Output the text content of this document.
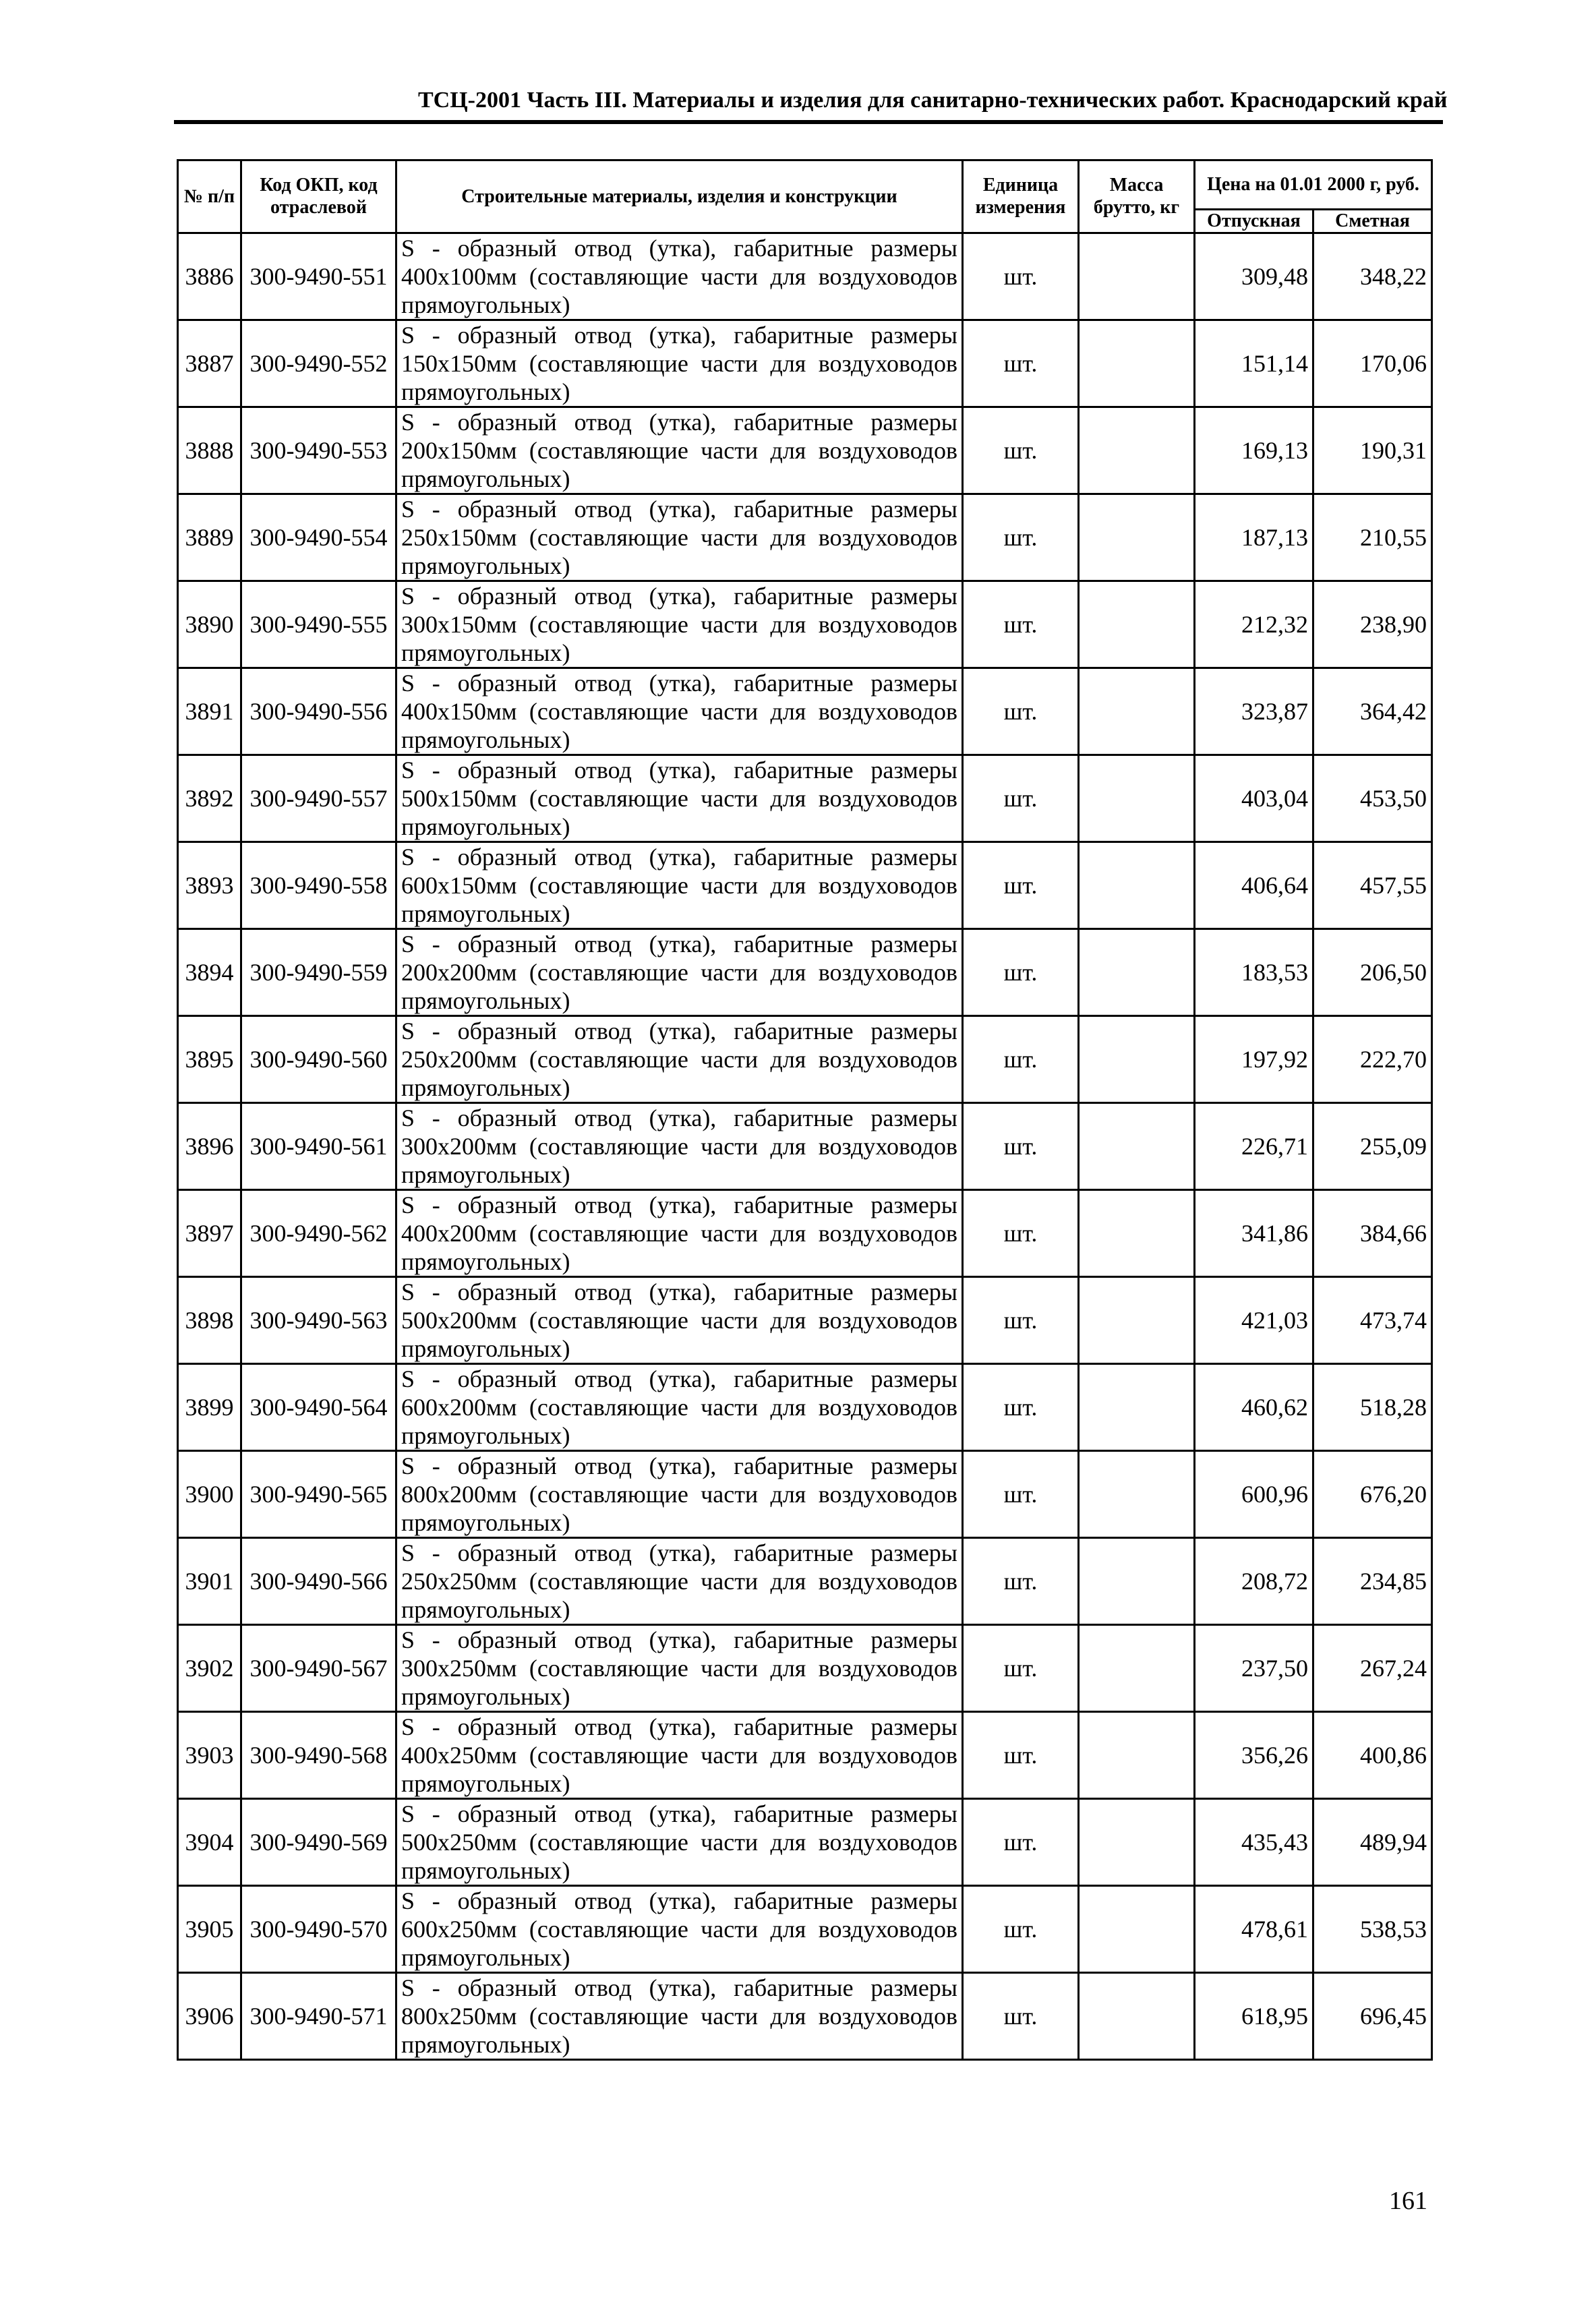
ТСЦ-2001 Часть III. Материалы и изделия для санитарно-технических работ. Краснодарский край
№ п/п	Код ОКП, код отраслевой	Строительные материалы, изделия и конструкции	Единица измерения	Масса брутто, кг	Цена на 01.01 2000 г, руб.	
					Отпускная	Сметная
3886	300-9490-551	S - образный отвод (утка), габаритные размеры
400x100мм (составляющие части для воздуховодов
прямоугольных)	шт.		309,48	348,22
3887	300-9490-552	S - образный отвод (утка), габаритные размеры
150x150мм (составляющие части для воздуховодов
прямоугольных)	шт.		151,14	170,06
3888	300-9490-553	S - образный отвод (утка), габаритные размеры
200x150мм (составляющие части для воздуховодов
прямоугольных)	шт.		169,13	190,31
3889	300-9490-554	S - образный отвод (утка), габаритные размеры
250x150мм (составляющие части для воздуховодов
прямоугольных)	шт.		187,13	210,55
3890	300-9490-555	S - образный отвод (утка), габаритные размеры
300x150мм (составляющие части для воздуховодов
прямоугольных)	шт.		212,32	238,90
3891	300-9490-556	S - образный отвод (утка), габаритные размеры
400x150мм (составляющие части для воздуховодов
прямоугольных)	шт.		323,87	364,42
3892	300-9490-557	S - образный отвод (утка), габаритные размеры
500x150мм (составляющие части для воздуховодов
прямоугольных)	шт.		403,04	453,50
3893	300-9490-558	S - образный отвод (утка), габаритные размеры
600x150мм (составляющие части для воздуховодов
прямоугольных)	шт.		406,64	457,55
3894	300-9490-559	S - образный отвод (утка), габаритные размеры
200x200мм (составляющие части для воздуховодов
прямоугольных)	шт.		183,53	206,50
3895	300-9490-560	S - образный отвод (утка), габаритные размеры
250x200мм (составляющие части для воздуховодов
прямоугольных)	шт.		197,92	222,70
3896	300-9490-561	S - образный отвод (утка), габаритные размеры
300x200мм (составляющие части для воздуховодов
прямоугольных)	шт.		226,71	255,09
3897	300-9490-562	S - образный отвод (утка), габаритные размеры
400x200мм (составляющие части для воздуховодов
прямоугольных)	шт.		341,86	384,66
3898	300-9490-563	S - образный отвод (утка), габаритные размеры
500x200мм (составляющие части для воздуховодов
прямоугольных)	шт.		421,03	473,74
3899	300-9490-564	S - образный отвод (утка), габаритные размеры
600x200мм (составляющие части для воздуховодов
прямоугольных)	шт.		460,62	518,28
3900	300-9490-565	S - образный отвод (утка), габаритные размеры
800x200мм (составляющие части для воздуховодов
прямоугольных)	шт.		600,96	676,20
3901	300-9490-566	S - образный отвод (утка), габаритные размеры
250x250мм (составляющие части для воздуховодов
прямоугольных)	шт.		208,72	234,85
3902	300-9490-567	S - образный отвод (утка), габаритные размеры
300x250мм (составляющие части для воздуховодов
прямоугольных)	шт.		237,50	267,24
3903	300-9490-568	S - образный отвод (утка), габаритные размеры
400x250мм (составляющие части для воздуховодов
прямоугольных)	шт.		356,26	400,86
3904	300-9490-569	S - образный отвод (утка), габаритные размеры
500x250мм (составляющие части для воздуховодов
прямоугольных)	шт.		435,43	489,94
3905	300-9490-570	S - образный отвод (утка), габаритные размеры
600x250мм (составляющие части для воздуховодов
прямоугольных)	шт.		478,61	538,53
3906	300-9490-571	S - образный отвод (утка), габаритные размеры
800x250мм (составляющие части для воздуховодов
прямоугольных)	шт.		618,95	696,45
161
